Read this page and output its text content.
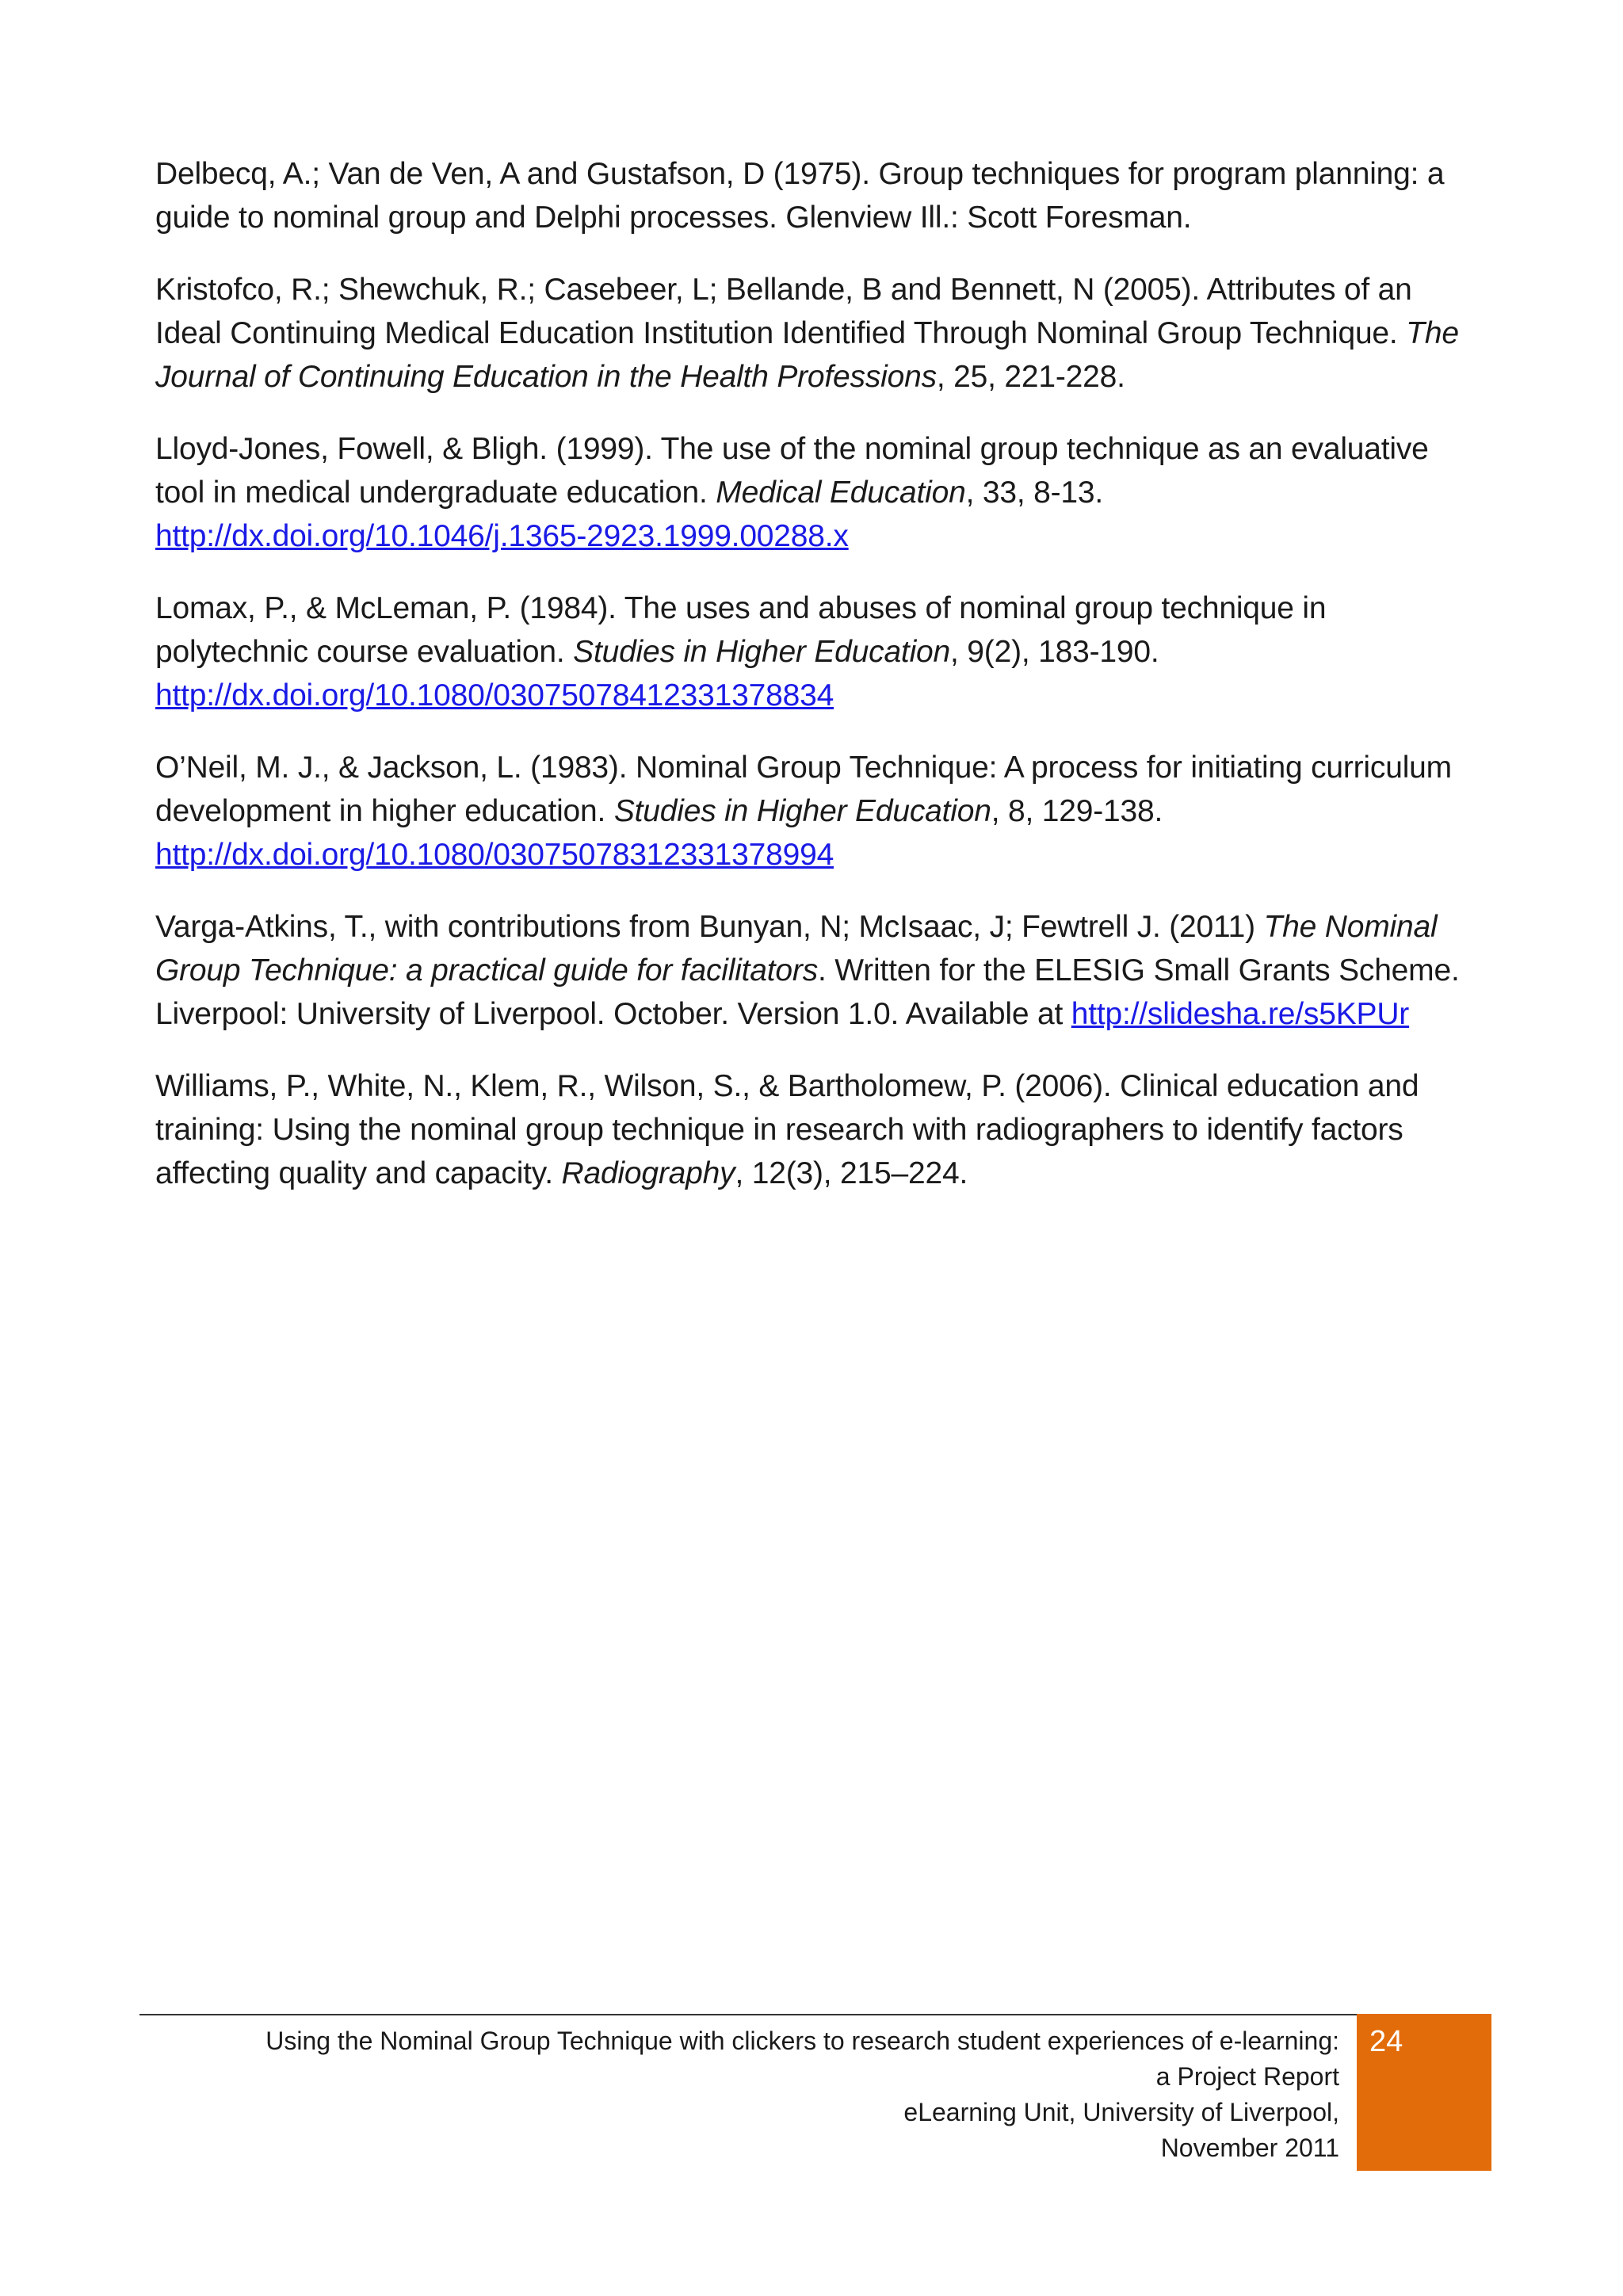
Delbecq, A.; Van de Ven, A and Gustafson, D (1975). Group techniques for program planning: a guide to nominal group and Delphi processes. Glenview Ill.: Scott Foresman.

Kristofco, R.; Shewchuk, R.; Casebeer, L; Bellande, B and Bennett, N (2005). Attributes of an Ideal Continuing Medical Education Institution Identified Through Nominal Group Technique. The Journal of Continuing Education in the Health Professions, 25, 221-228.

Lloyd-Jones, Fowell, & Bligh. (1999). The use of the nominal group technique as an evaluative tool in medical undergraduate education. Medical Education, 33, 8-13. http://dx.doi.org/10.1046/j.1365-2923.1999.00288.x

Lomax, P., & McLeman, P. (1984). The uses and abuses of nominal group technique in polytechnic course evaluation. Studies in Higher Education, 9(2), 183-190.
http://dx.doi.org/10.1080/03075078412331378834

O’Neil, M. J., & Jackson, L. (1983). Nominal Group Technique: A process for initiating curriculum development in higher education. Studies in Higher Education, 8, 129-138.
http://dx.doi.org/10.1080/03075078312331378994

Varga-Atkins, T., with contributions from Bunyan, N; McIsaac, J; Fewtrell J. (2011) The Nominal Group Technique: a practical guide for facilitators. Written for the ELESIG Small Grants Scheme. Liverpool: University of Liverpool. October. Version 1.0. Available at http://slidesha.re/s5KPUr

Williams, P., White, N., Klem, R., Wilson, S., & Bartholomew, P. (2006). Clinical education and training: Using the nominal group technique in research with radiographers to identify factors affecting quality and capacity. Radiography, 12(3), 215–224.

Using the Nominal Group Technique with clickers to research student experiences of e-learning:
a Project Report
eLearning Unit, University of Liverpool,
November 2011
24
